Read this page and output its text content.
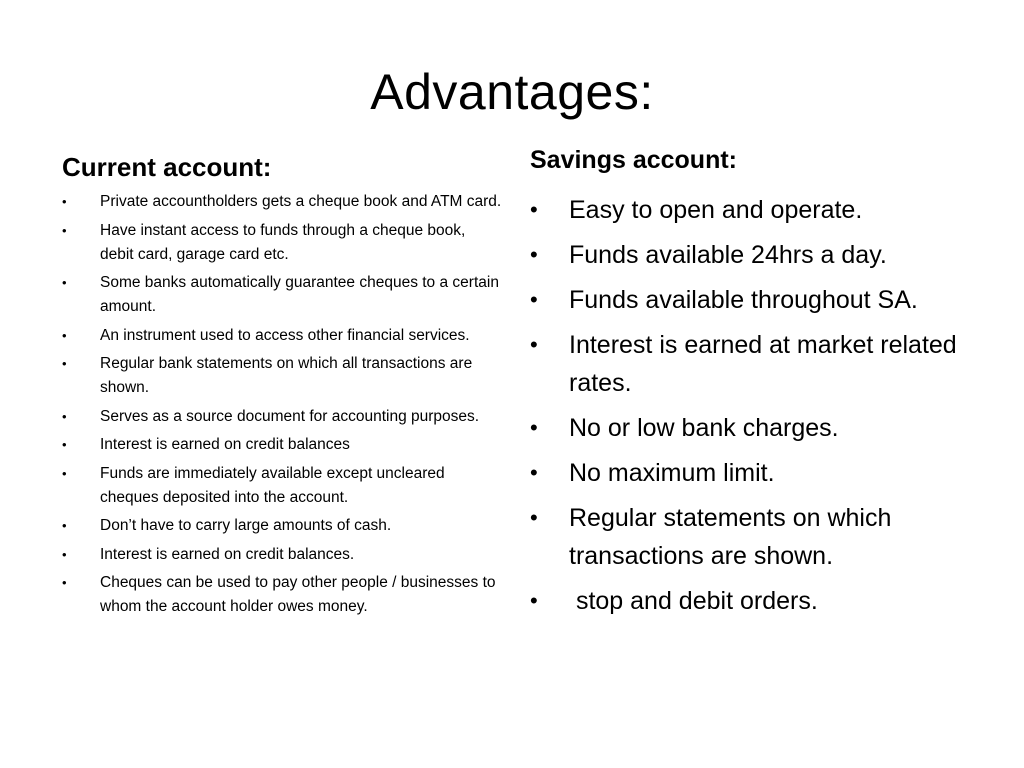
Advantages:
Current account:
• Private accountholders gets a cheque book and ATM card.
• Have instant access to funds through a cheque book, debit card, garage card etc.
• Some banks automatically guarantee cheques to a certain amount.
• An instrument used to access other financial services.
• Regular bank statements on which all transactions are shown.
• Serves as a source document for accounting purposes.
• Interest is earned on credit balances
• Funds are immediately available except uncleared cheques deposited into the account.
• Don’t have to carry large amounts of cash.
• Interest is earned on credit balances.
• Cheques can be used to pay other people / businesses to whom the account holder owes money.
Savings account:
• Easy to open and operate.
• Funds available 24hrs a day.
• Funds available throughout SA.
• Interest is earned at market related rates.
• No or low bank charges.
• No maximum limit.
• Regular statements on which transactions are shown.
• stop and debit orders.
